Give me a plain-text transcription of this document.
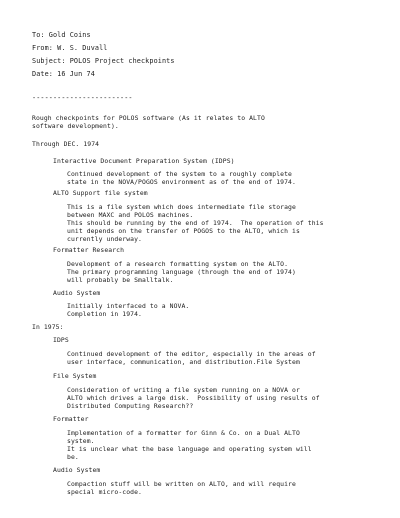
To: Gold Coins
From: W. S. Duvall
Subject: POLOS Project checkpoints
Date: 16 Jun 74
------------------------
Rough checkpoints for POLOS software (As it relates to ALTO
software development).
Through DEC. 1974
Interactive Document Preparation System (IDPS)
Continued development of the system to a roughly complete
state in the NOVA/POGOS environment as of the end of 1974.
ALTO Support file system
This is a file system which does intermediate file storage
between MAXC and POLOS machines.
This should be running by the end of 1974.  The operation of this
unit depends on the transfer of POGOS to the ALTO, which is
currently underway.
Formatter Research
Development of a research formatting system on the ALTO.
The primary programming language (through the end of 1974)
will probably be Smalltalk.
Audio System
Initially interfaced to a NOVA.
Completion in 1974.
In 1975:
IDPS
Continued development of the editor, especially in the areas of
user interface, communication, and distribution.File System
File System
Consideration of writing a file system running on a NOVA or
ALTO which drives a large disk.  Possibility of using results of
Distributed Computing Research??
Formatter
Implementation of a formatter for Ginn & Co. on a Dual ALTO
system.
It is unclear what the base language and operating system will
be.
Audio System
Compaction stuff will be written on ALTO, and will require
special micro-code.
